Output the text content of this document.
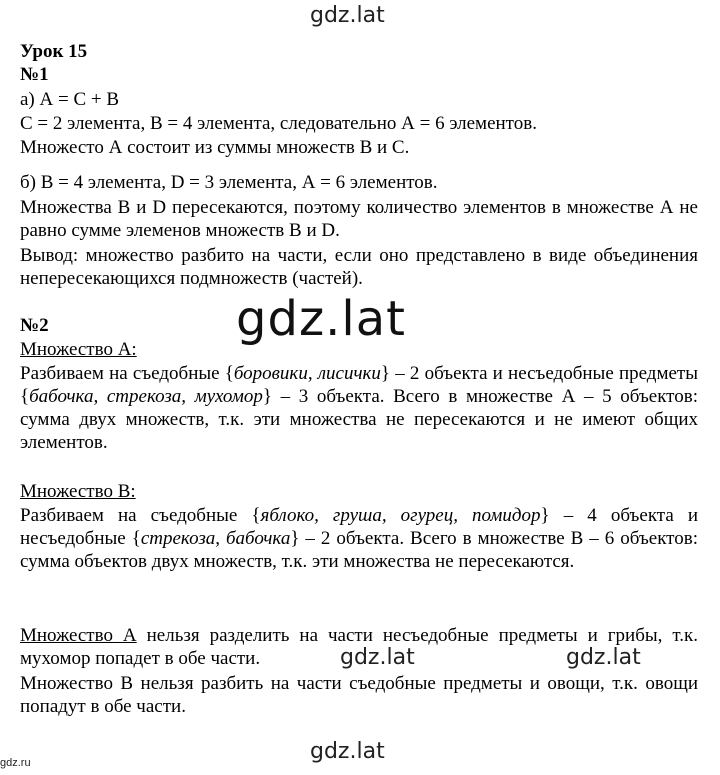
gdz.lat
Урок 15
№1
а) А = С + В
С = 2 элемента, В = 4 элемента, следовательно А = 6 элементов.
Множесто А состоит из суммы множеств В и С.
б) В = 4 элемента, D = 3 элемента, А = 6 элементов.
Множества В и D пересекаются, поэтому количество элементов в множестве А не равно сумме элеменов множеств В и D.
Вывод: множество разбито на части, если оно представлено в виде объединения непересекающихся подмножеств (частей).
№2	gdz.lat
Множество А:
Разбиваем на съедобные {боровики, лисички} – 2 объекта и несъедобные предметы {бабочка, стрекоза, мухомор} – 3 объекта. Всего в множестве А – 5 объектов: сумма двух множеств, т.к. эти множества не пересекаются и не имеют общих элементов.
Множество В:
Разбиваем на съедобные {яблоко, груша, огурец, помидор} – 4 объекта и несъедобные {стрекоза, бабочка} – 2 объекта. Всего в множестве В – 6 объектов: сумма объектов двух множеств, т.к. эти множества не пересекаются.
Множество А нельзя разделить на части несъедобные предметы и грибы, т.к. мухомор попадет в обе части.	gdz.lat	gdz.lat
Множество В нельзя разбить на части съедобные предметы и овощи, т.к. овощи попадут в обе части.
gdz.lat
gdz.ru
